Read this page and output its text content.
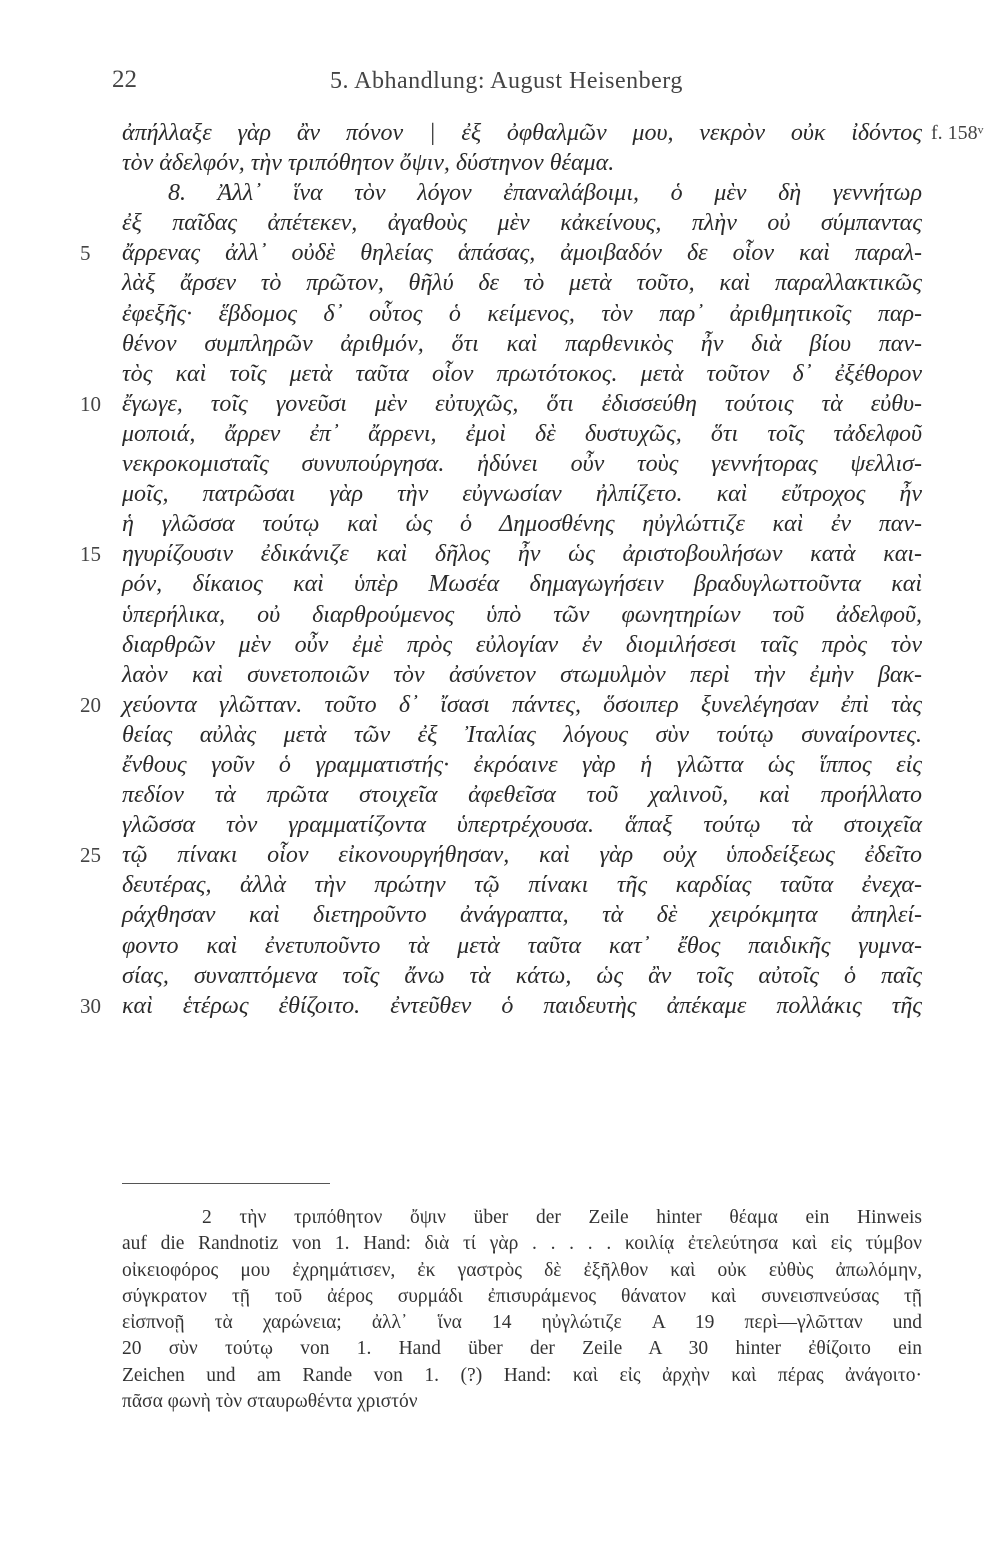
22	5. Abhandlung: August Heisenberg
ἀπήλλαξε γὰρ ἂν πόνον | ἐξ ὀφθαλμῶν μου, νεκρὸν οὐκ ἰδόντος f. 158ᵛ
τὸν ἀδελφόν, τὴν τριπόθητον ὄψιν, δύστηνον θέαμα.
8. Ἀλλ᾽ ἵνα τὸν λόγον ἐπαναλάβοιμι, ὁ μὲν δὴ γεννήτωρ
ἐξ παῖδας ἀπέτεκεν, ἀγαθοὺς μὲν κἀκείνους, πλὴν οὐ σύμπαντας
5	ἄρρενας ἀλλ᾽ οὐδὲ θηλείας ἁπάσας, ἀμοιβαδόν δε οἷον καὶ παραλ-
λὰξ ἄρσεν τὸ πρῶτον, θῆλύ δε τὸ μετὰ τοῦτο, καὶ παραλλακτικῶς
ἐφεξῆς· ἕβδομος δ᾽ οὗτος ὁ κείμενος, τὸν παρ᾽ ἀριθμητικοῖς παρ-
θένον συμπληρῶν ἀριθμόν, ὅτι καὶ παρθενικὸς ἦν διὰ βίου παν-
τὸς καὶ τοῖς μετὰ ταῦτα οἷον πρωτότοκος. μετὰ τοῦτον δ᾽ ἐξέθορον
10 ἔγωγε, τοῖς γονεῦσι μὲν εὐτυχῶς, ὅτι ἐδισσεύθη τούτοις τὰ εὐθυ-
μοποιά, ἄρρεν ἐπ᾽ ἄρρενι, ἐμοὶ δὲ δυστυχῶς, ὅτι τοῖς τἀδελφοῦ
νεκροκομισταῖς συνυπούργησα. ἡδύνει οὖν τοὺς γεννήτορας ψελλισ-
μοῖς, πατρῶσαι γὰρ τὴν εὐγνωσίαν ἠλπίζετο. καὶ εὔτροχος ἦν
ἡ γλῶσσα τούτῳ καὶ ὡς ὁ Δημοσθένης ηὐγλώττιζε καὶ ἐν παν-
15 ηγυρίζουσιν ἐδικάνιζε καὶ δῆλος ἦν ὡς ἀριστοβουλήσων κατὰ και-
ρόν, δίκαιος καὶ ὑπὲρ Μωσέα δημαγωγήσειν βραδυγλωττοῦντα καὶ
ὑπερήλικα, οὐ διαρθρούμενος ὑπὸ τῶν φωνητηρίων τοῦ ἀδελφοῦ,
διαρθρῶν μὲν οὖν ἐμὲ πρὸς εὐλογίαν ἐν διομιλήσεσι ταῖς πρὸς τὸν
λαὸν καὶ συνετοποιῶν τὸν ἀσύνετον στωμυλμὸν περὶ τὴν ἐμὴν βακ-
20 χεύοντα γλῶτταν. τοῦτο δ᾽ ἴσασι πάντες, ὅσοιπερ ξυνελέγησαν ἐπὶ τὰς
θείας αὐλὰς μετὰ τῶν ἐξ Ἰταλίας λόγους σὺν τούτῳ συναίροντες.
ἔνθους γοῦν ὁ γραμματιστής· ἐκρόαινε γὰρ ἡ γλῶττα ὡς ἵππος εἰς
πεδίον τὰ πρῶτα στοιχεῖα ἀφεθεῖσα τοῦ χαλινοῦ, καὶ προήλλατο
γλῶσσα τὸν γραμματίζοντα ὑπερτρέχουσα. ἅπαξ τούτῳ τὰ στοιχεῖα
25 τῷ πίνακι οἷον εἰκονουργήθησαν, καὶ γὰρ οὐχ ὑποδείξεως ἐδεῖτο
δευτέρας, ἀλλὰ τὴν πρώτην τῷ πίνακι τῆς καρδίας ταῦτα ἐνεχα-
ράχθησαν καὶ διετηροῦντο ἀνάγραπτα, τὰ δὲ χειρόκμητα ἀπηλεί-
φοντο καὶ ἐνετυποῦντο τὰ μετὰ ταῦτα κατ᾽ ἔθος παιδικῆς γυμνα-
σίας, συναπτόμενα τοῖς ἄνω τὰ κάτω, ὡς ἂν τοῖς αὐτοῖς ὁ παῖς
30 καὶ ἑτέρως ἐθίζοιτο. ἐντεῦθεν ὁ παιδευτὴς ἀπέκαμε πολλάκις τῆς
2 τὴν τριπόθητον ὄψιν über der Zeile hinter θέαμα ein Hinweis
auf die Randnotiz von 1. Hand: διὰ τί γὰρ . . . . . κοιλίᾳ ἐτελεύτησα καὶ εἰς τύμβον
οἰκειοφόρος μου ἐχρημάτισεν, ἐκ γαστρὸς δὲ ἐξῆλθον καὶ οὐκ εὐθὺς ἀπωλόμην,
σύγκρατον τῇ τοῦ ἀέρος συρμάδι ἐπισυράμενος θάνατον καὶ συνεισπνεύσας τῇ
εἰσπνοῇ τὰ χαρώνεια; ἀλλ᾽ ἵνα 14 ηὐγλώτιζε A 19 περὶ—γλῶτταν und
20 σὺν τούτῳ von 1. Hand über der Zeile A 30 hinter ἐθίζοιτο ein
Zeichen und am Rande von 1. (?) Hand: καὶ εἰς ἀρχὴν καὶ πέρας ἀνάγοιτο·
πᾶσα φωνὴ τὸν σταυρωθέντα χριστόν
